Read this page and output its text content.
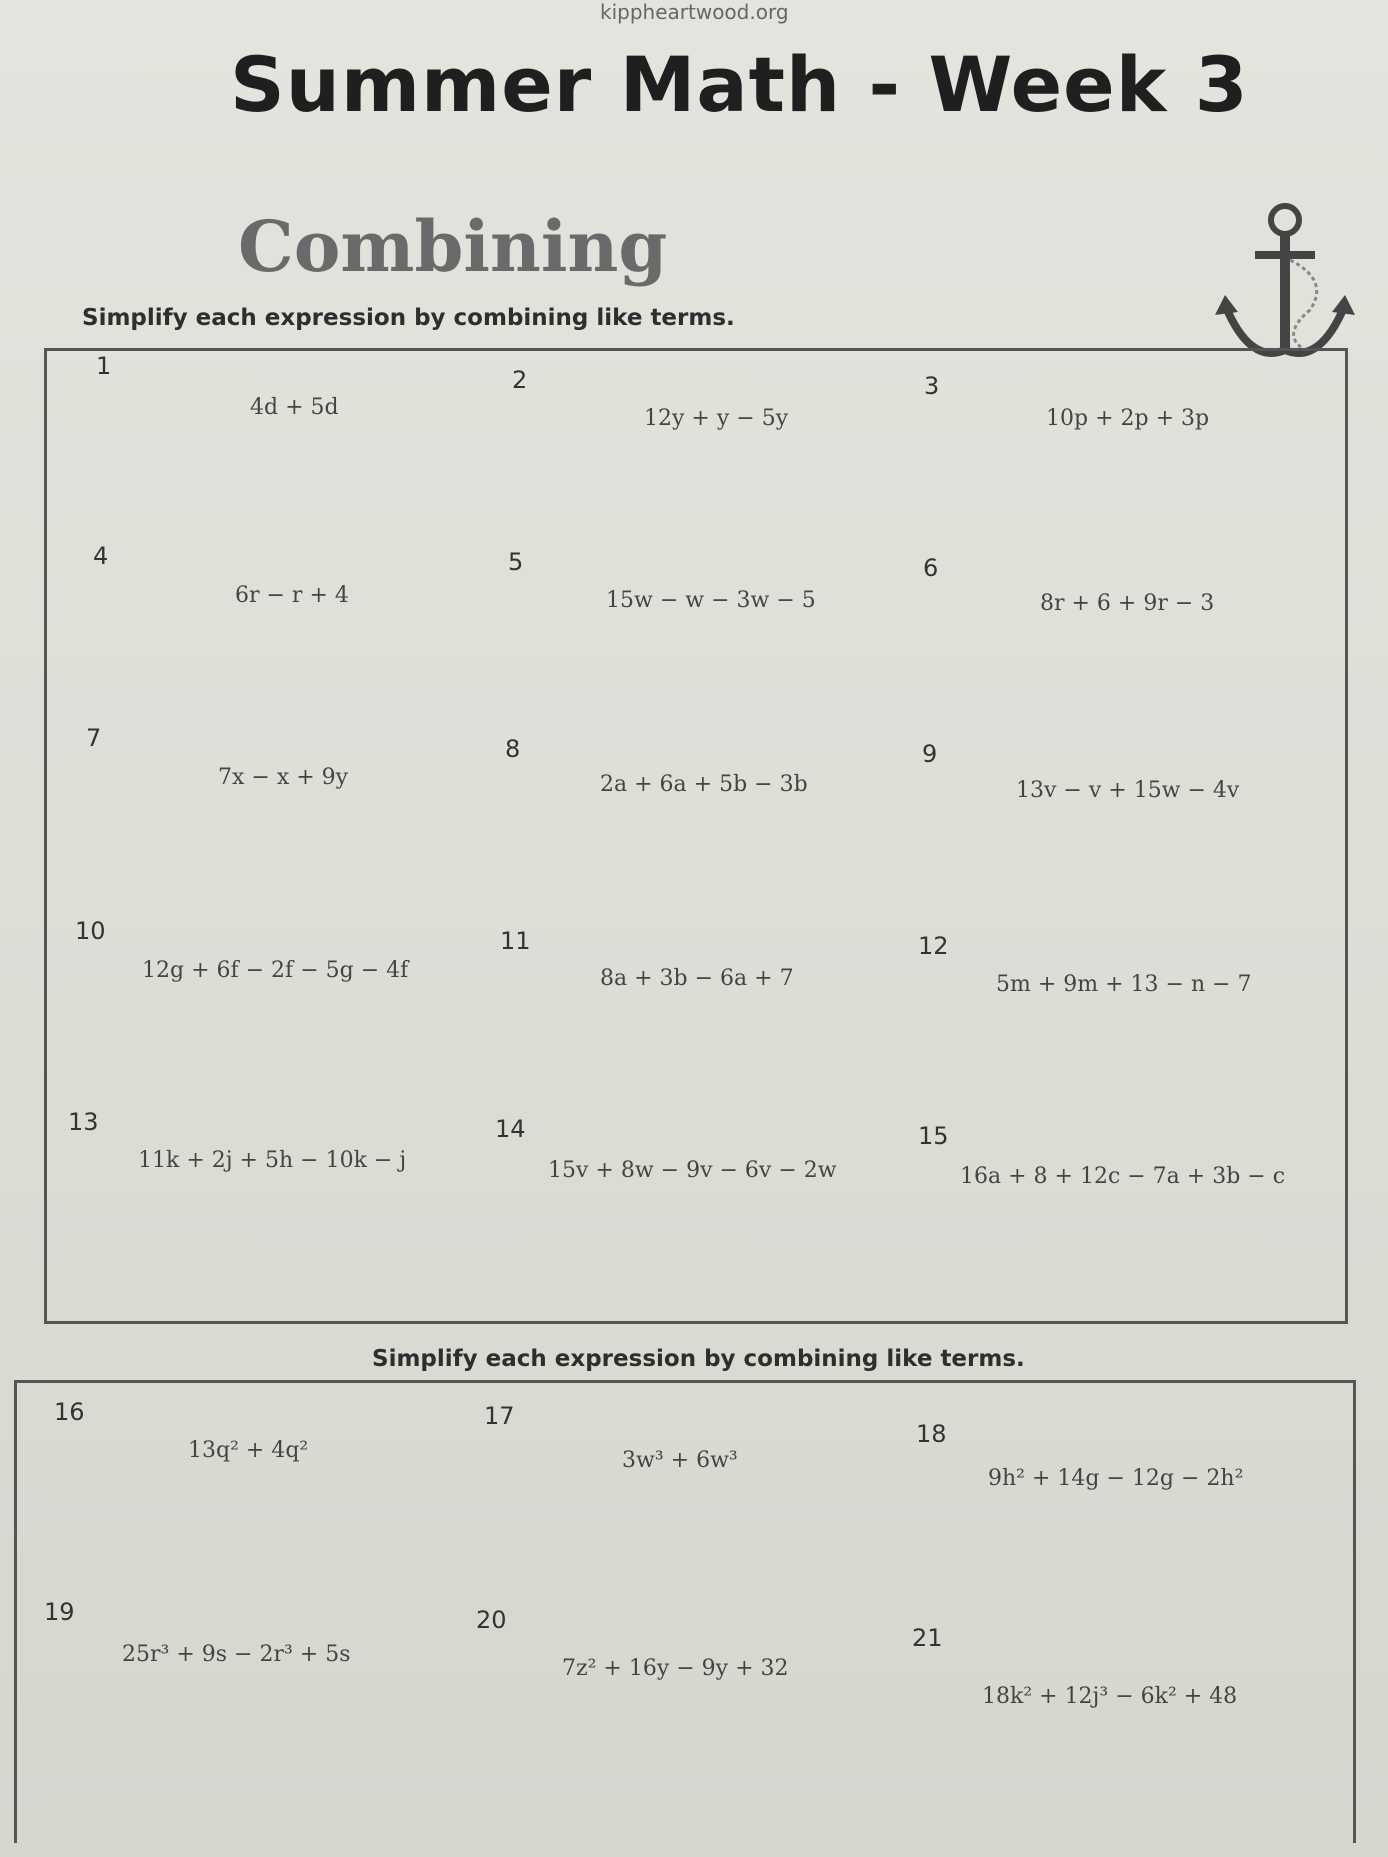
kippheartwood.org
Summer Math - Week 3
Combining
Simplify each expression by combining like terms.
1
4d + 5d
2
12y + y − 5y
3
10p + 2p + 3p
4
6r − r + 4
5
15w − w − 3w − 5
6
8r + 6 + 9r − 3
7
7x − x + 9y
8
2a + 6a + 5b − 3b
9
13v − v + 15w − 4v
10
12g + 6f − 2f − 5g − 4f
11
8a + 3b − 6a + 7
12
5m + 9m + 13 − n − 7
13
11k + 2j + 5h − 10k − j
14
15v + 8w − 9v − 6v − 2w
15
16a + 8 + 12c − 7a + 3b − c
Simplify each expression by combining like terms.
16
13q² + 4q²
17
3w³ + 6w³
18
9h² + 14g − 12g − 2h²
19
25r³ + 9s − 2r³ + 5s
20
7z² + 16y − 9y + 32
21
18k² + 12j³ − 6k² + 48
